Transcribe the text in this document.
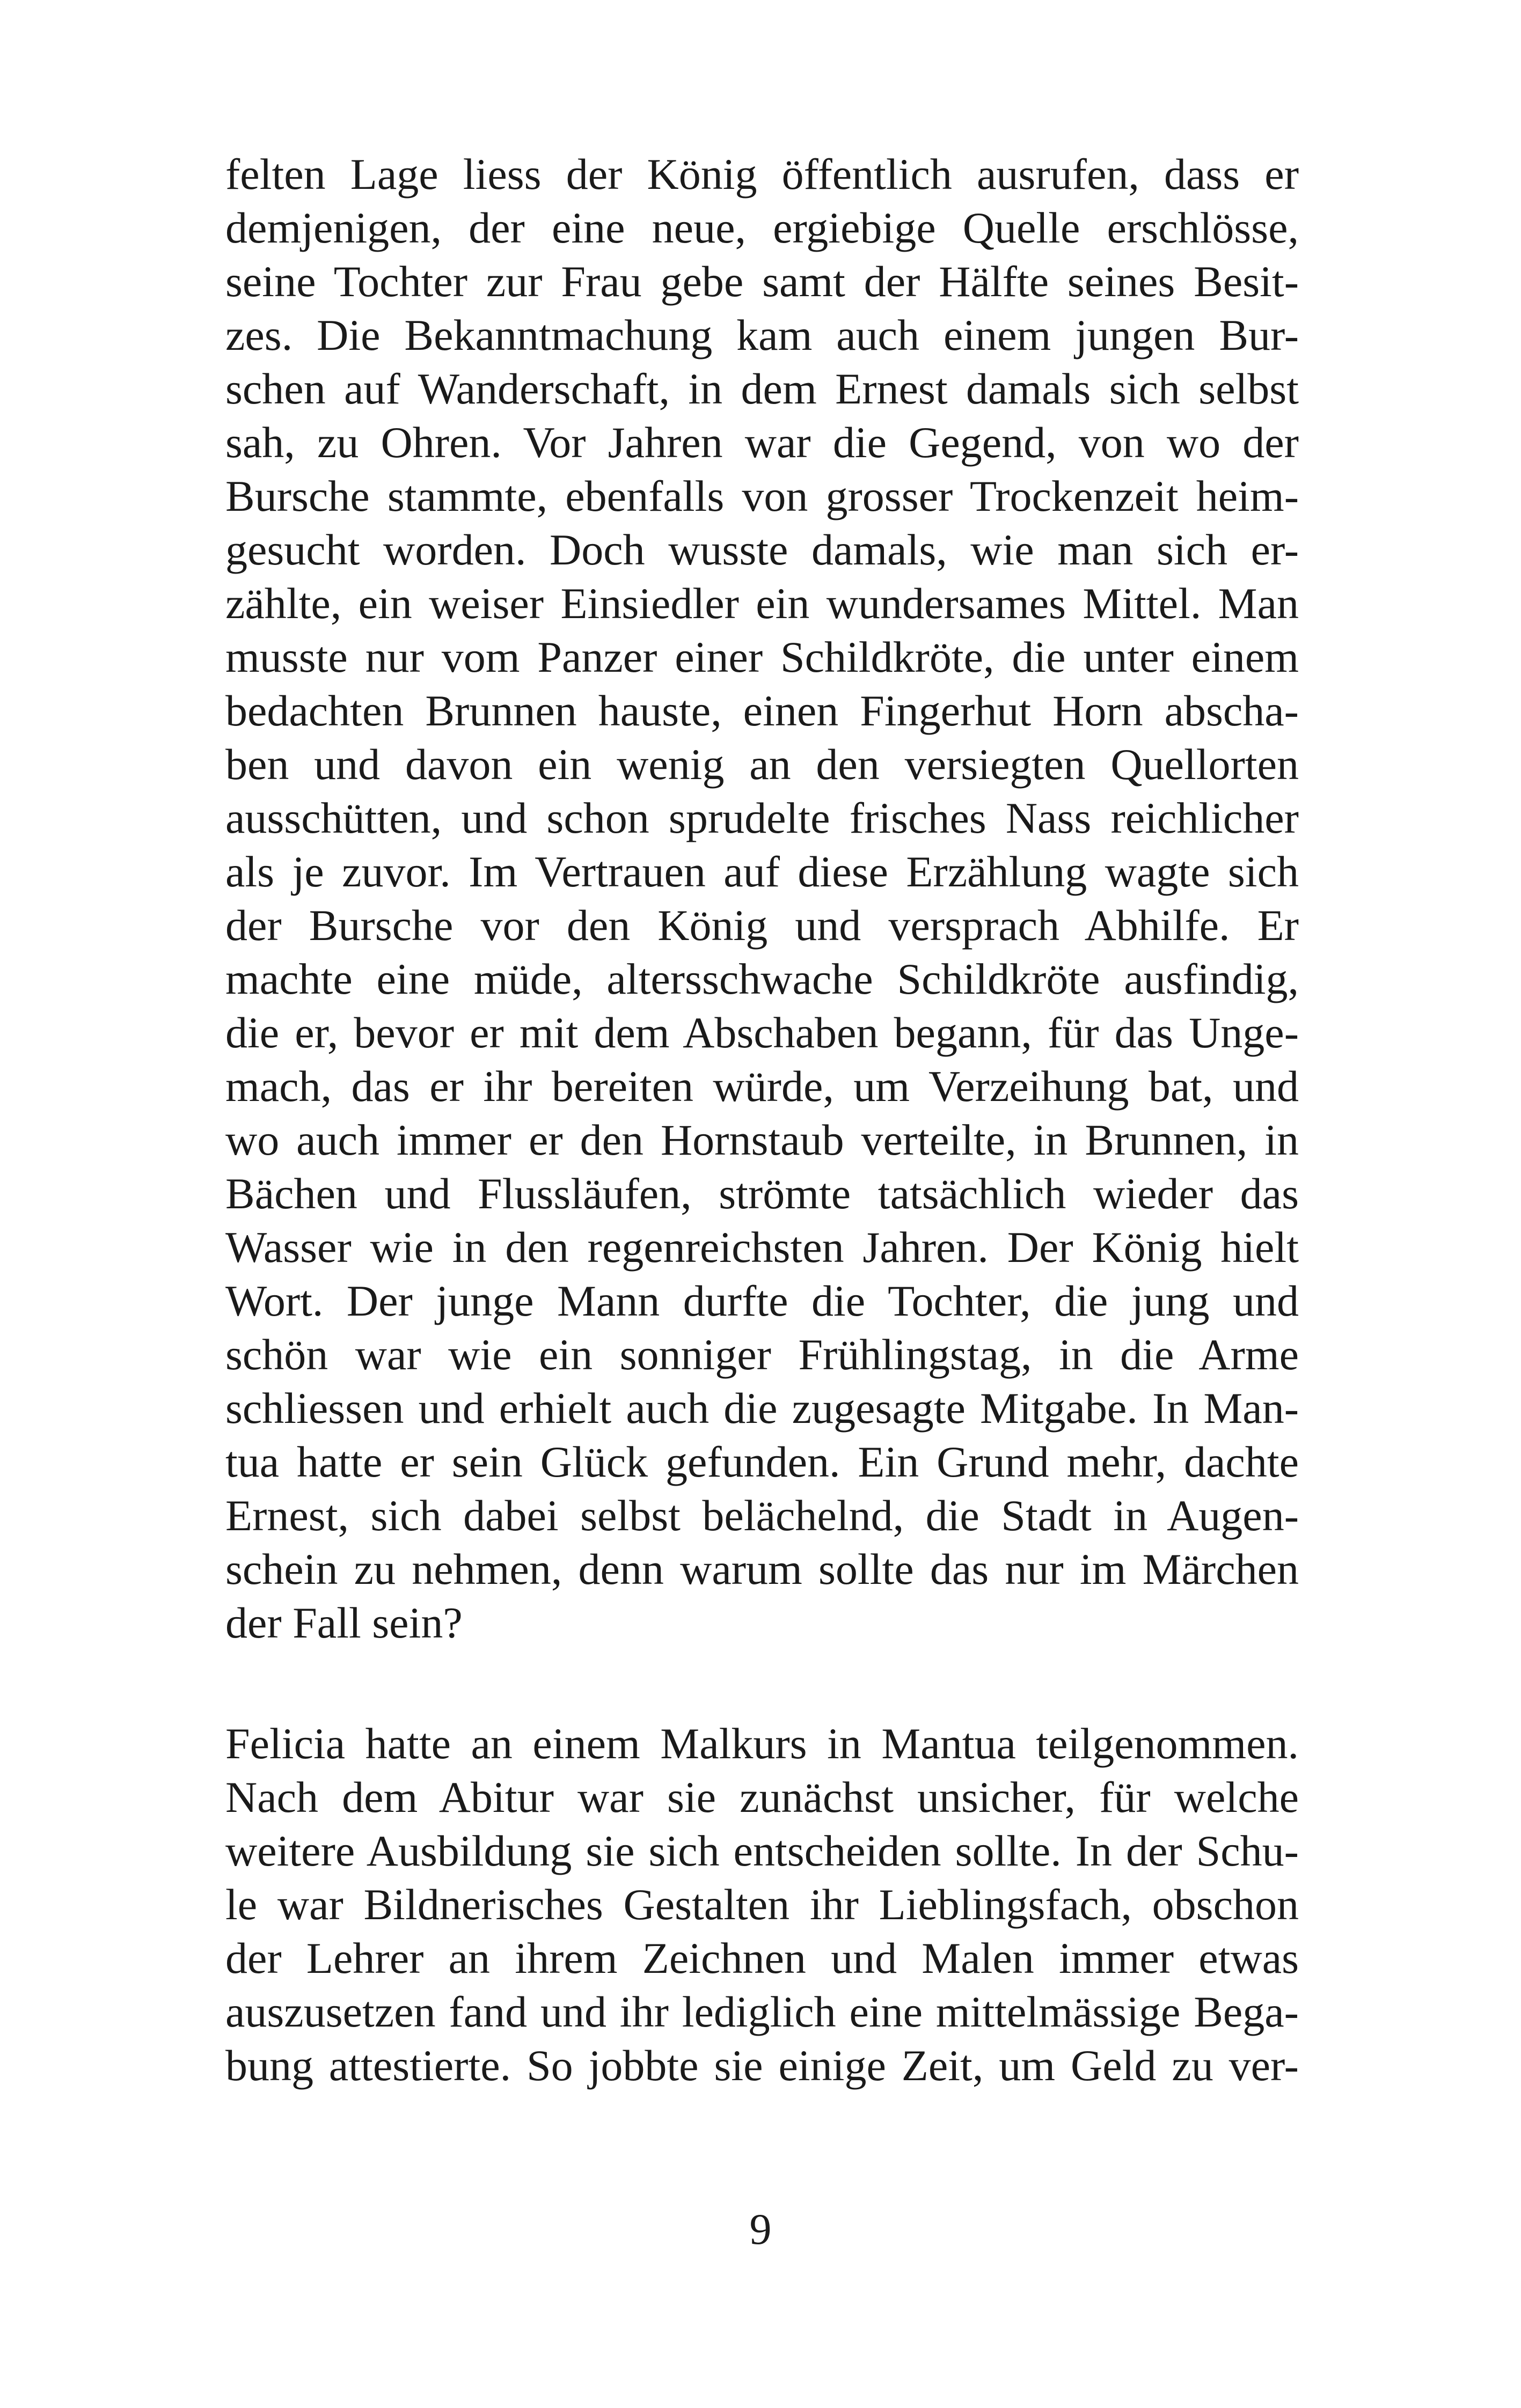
felten Lage liess der König öffentlich ausrufen, dass er
demjenigen, der eine neue, ergiebige Quelle erschlösse,
seine Tochter zur Frau gebe samt der Hälfte seines Besit-
zes. Die Bekanntmachung kam auch einem jungen Bur-
schen auf Wanderschaft, in dem Ernest damals sich selbst
sah, zu Ohren. Vor Jahren war die Gegend, von wo der
Bursche stammte, ebenfalls von grosser Trockenzeit heim-
gesucht worden. Doch wusste damals, wie man sich er-
zählte, ein weiser Einsiedler ein wundersames Mittel. Man
musste nur vom Panzer einer Schildkröte, die unter einem
bedachten Brunnen hauste, einen Fingerhut Horn abscha-
ben und davon ein wenig an den versiegten Quellorten
ausschütten, und schon sprudelte frisches Nass reichlicher
als je zuvor. Im Vertrauen auf diese Erzählung wagte sich
der Bursche vor den König und versprach Abhilfe. Er
machte eine müde, altersschwache Schildkröte ausfindig,
die er, bevor er mit dem Abschaben begann, für das Unge-
mach, das er ihr bereiten würde, um Verzeihung bat, und
wo auch immer er den Hornstaub verteilte, in Brunnen, in
Bächen und Flussläufen, strömte tatsächlich wieder das
Wasser wie in den regenreichsten Jahren. Der König hielt
Wort. Der junge Mann durfte die Tochter, die jung und
schön war wie ein sonniger Frühlingstag, in die Arme
schliessen und erhielt auch die zugesagte Mitgabe. In Man-
tua hatte er sein Glück gefunden. Ein Grund mehr, dachte
Ernest, sich dabei selbst belächelnd, die Stadt in Augen-
schein zu nehmen, denn warum sollte das nur im Märchen
der Fall sein?
Felicia hatte an einem Malkurs in Mantua teilgenommen.
Nach dem Abitur war sie zunächst unsicher, für welche
weitere Ausbildung sie sich entscheiden sollte. In der Schu-
le war Bildnerisches Gestalten ihr Lieblingsfach, obschon
der Lehrer an ihrem Zeichnen und Malen immer etwas
auszusetzen fand und ihr lediglich eine mittelmässige Bega-
bung attestierte. So jobbte sie einige Zeit, um Geld zu ver-
9
